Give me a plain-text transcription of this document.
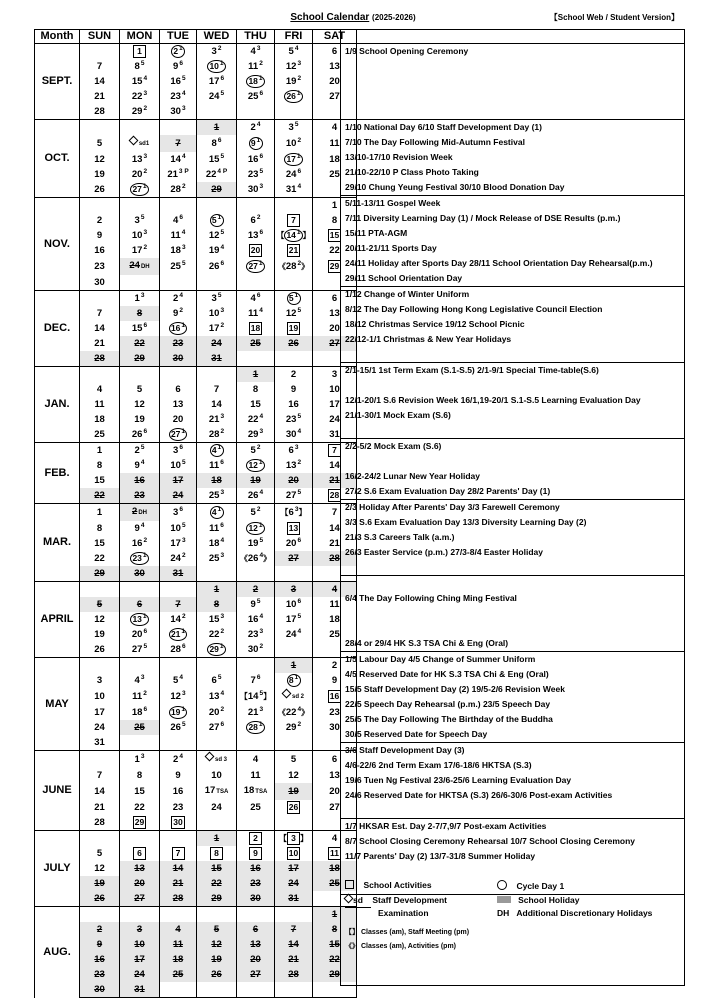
School Calendar (2025-2026)	【School Web / Student Version】
Month	SUN	MON	TUE	WED	THU	FRI	SAT
SEPT.		1	$2^1$	$3^2$	$4^3$	$5^4$	6
	7	$8^5$	$9^6$	$10^1$	$11^2$	$12^3$	13
	14	$15^4$	$16^5$	$17^6$	$18^1$	$19^2$	20
	21	$22^3$	$23^4$	$24^5$	$25^6$	$26^1$	27
	28	$29^2$	$30^3$				
OCT.				1	$2^4$	$3^5$	4
	5	sd1	7	$8^6$	$9^1$	$10^2$	11
	12	$13^3$	$14^4$	$15^5$	$16^6$	$17^1$	18
	19	$20^2$	$21^{3 P}$	$22^{4 P}$	$23^5$	$24^6$	25
	26	$27^1$	$28^2$	29	$30^3$	$31^4$	
NOV.							1
	2	$3^5$	$4^6$	$5^1$	$6^2$	7	8
	9	$10^3$	$11^4$	$12^5$	$13^6$	【 $14^1$ 】	15
	16	$17^2$	$18^3$	$19^4$	20	21	22
	23	24DH	$25^5$	$26^6$	$27^1$	《 $28^2$ 》	29
	30						
DEC.		$1^3$	$2^4$	$3^5$	$4^6$	$5^1$	6
	7	8	$9^2$	$10^3$	$11^4$	$12^5$	13
	14	$15^6$	$16^1$	$17^2$	18	19	20
	21	22	23	24	25	26	27
	28	29	30	31			
JAN.					1	2	3
	4	5	6	7	8	9	10
	11	12	13	14	15	16	17
	18	19	20	$21^3$	$22^4$	$23^5$	24
	25	$26^6$	$27^1$	$28^2$	$29^3$	$30^4$	31
FEB.	1	$2^5$	$3^6$	$4^1$	$5^2$	$6^3$	7
	8	$9^4$	$10^5$	$11^6$	$12^1$	$13^2$	14
	15	16	17	18	19	20	21
	22	23	24	$25^3$	$26^4$	$27^5$	28
MAR.	1	2DH	$3^6$	$4^1$	$5^2$	【 $6^3$ 】	7
	8	$9^4$	$10^5$	$11^6$	$12^1$	13	14
	15	$16^2$	$17^3$	$18^4$	$19^5$	$20^6$	21
	22	$23^1$	$24^2$	$25^3$	《 $26^4$ 》	27	28
	29	30	31				
APRIL				1	2	3	4
	5	6	7	8	$9^5$	$10^6$	11
	12	$13^1$	$14^2$	$15^3$	$16^4$	$17^5$	18
	19	$20^6$	$21^1$	$22^2$	$23^3$	$24^4$	25
	26	$27^5$	$28^6$	$29^1$	$30^2$		
MAY						1	2
	3	$4^3$	$5^4$	$6^5$	$7^6$	$8^1$	9
	10	$11^2$	$12^3$	$13^4$	【 $14^5$ 】	sd 2	16
	17	$18^6$	$19^1$	$20^2$	$21^3$	《 $22^4$ 》	23
	24	25	$26^5$	$27^6$	$28^1$	$29^2$	30
	31						
JUNE		$1^3$	$2^4$	sd 3	4	5	6
	7	8	9	10	11	12	13
	14	15	16	17TSA	18TSA	19	20
	21	22	23	24	25	26	27
	28	29	30				
JULY				1	2	【 3 】	4
	5	6	7	8	9	10	11
	12	13	14	15	16	17	18
	19	20	21	22	23	24	25
	26	27	28	29	30	31	
AUG.							1
	2	3	4	5	6	7	8
	9	10	11	12	13	14	15
	16	17	18	19	20	21	22
	23	24	25	26	27	28	29
	30	31					

1/9 School Opening Ceremony

1/10 National Day 6/10 Staff Development Day (1)
7/10 The Day Following Mid-Autumn Festival
13/10-17/10 Revision Week
21/10-22/10 P Class Photo Taking
29/10 Chung Yeung Festival 30/10 Blood Donation Day
5/11-13/11 Gospel Week
7/11 Diversity Learning Day (1) / Mock Release of DSE Results (p.m.)
15/11 PTA-AGM
20/11-21/11 Sports Day
24/11 Holiday after Sports Day 28/11 School Orientation Day Rehearsal(p.m.)
29/11 School Orientation Day
1/12 Change of Winter Uniform
8/12 The Day Following Hong Kong Legislative Council Election
18/12 Christmas Service 19/12 School Picnic
22/12-1/1 Christmas & New Year Holidays

2/1-15/1 1st Term Exam (S.1-S.5) 2/1-9/1 Special Time-table(S.6)

12/1-20/1 S.6 Revision Week 16/1,19-20/1 S.1-S.5 Learning Evaluation Day
21/1-30/1 Mock Exam (S.6)

2/2-5/2 Mock Exam (S.6)

16/2-24/2 Lunar New Year Holiday
27/2 S.6 Exam Evaluation Day 28/2 Parents' Day (1)
2/3 Holiday After Parents' Day 3/3 Farewell Ceremony
3/3 S.6 Exam Evaluation Day 13/3 Diversity Learning Day (2)
21/3 S.3 Careers Talk (a.m.)
26/3 Easter Service (p.m.) 27/3-8/4 Easter Holiday

6/4 The Day Following Ching Ming Festival

28/4 or 29/4 HK S.3 TSA Chi & Eng (Oral)
1/5 Labour Day 4/5 Change of Summer Uniform
4/5 Reserved Date for HK S.3 TSA Chi & Eng (Oral)
15/5 Staff Development Day (2) 19/5-2/6 Revision Week
22/5 Speech Day Rehearsal (p.m.) 23/5 Speech Day
25/5 The Day Following The Birthday of the Buddha
30/5 Reserved Date for Speech Day
3/6 Staff Development Day (3)
4/6-22/6 2nd Term Exam 17/6-18/6 HKTSA (S.3)
19/6 Tuen Ng Festival 23/6-25/6 Learning Evaluation Day
24/6 Reserved Date for HKTSA (S.3) 26/6-30/6 Post-exam Activities

1/7 HKSAR Est. Day 2-7/7,9/7 Post-exam Activities
8/7 School Closing Ceremony Rehearsal 10/7 School Closing Ceremony
11/7 Parents' Day (2) 13/7-31/8 Summer Holiday

School Activities	Cycle Day 1
sd Staff Development	School Holiday
Examination	DH Additional Discretionary Holidays
【】 Classes (am), Staff Meeting (pm)
《》 Classes (am), Activities (pm)
